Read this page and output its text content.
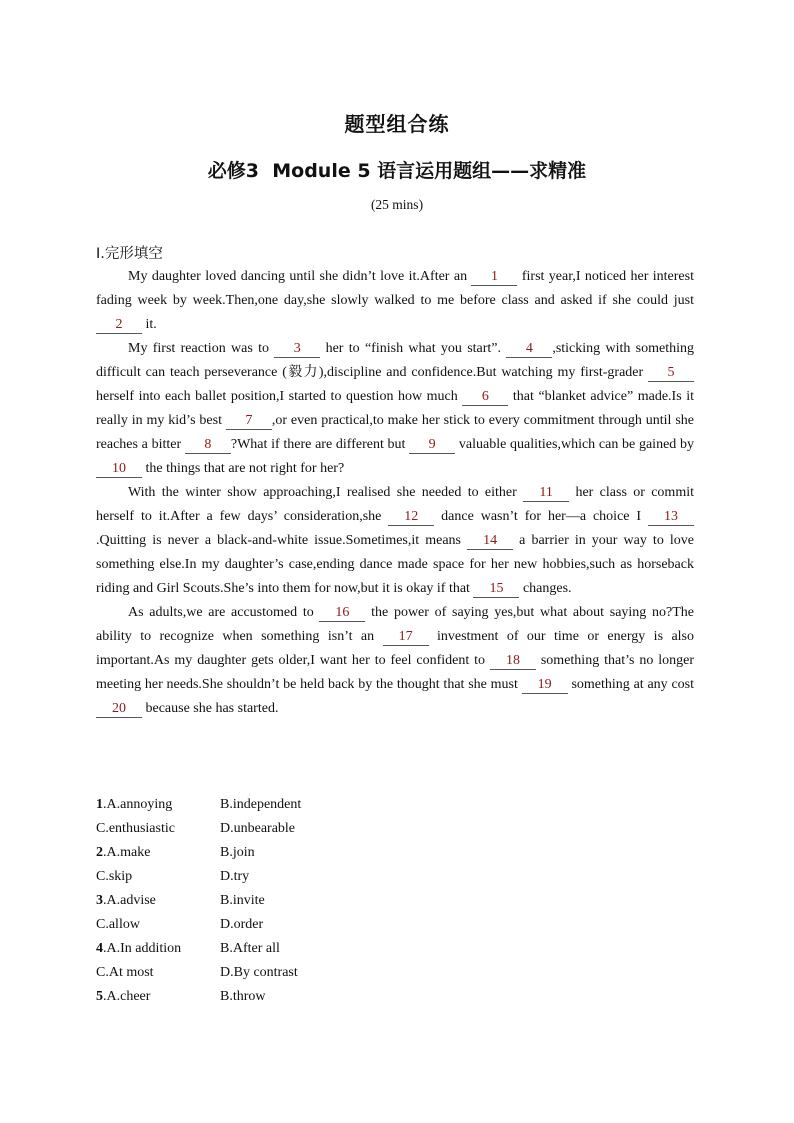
题型组合练
必修3  Module 5 语言运用题组——求精准
(25 mins)
Ⅰ.完形填空

My daughter loved dancing until she didn’t love it.After an 1 first year,I noticed her interest fading week by week.Then,one day,she slowly walked to me before class and asked if she could just 2 it.

My first reaction was to 3 her to “finish what you start”. 4 ,sticking with something difficult can teach perseverance (毅力),discipline and confidence.But watching my first-grader 5 herself into each ballet position,I started to question how much 6 that “blanket advice” made.Is it really in my kid’s best 7 ,or even practical,to make her stick to every commitment through until she reaches a bitter 8 ?What if there are different but 9 valuable qualities,which can be gained by 10 the things that are not right for her?

With the winter show approaching,I realised she needed to either 11 her class or commit herself to it.After a few days’ consideration,she 12 dance wasn’t for her—a choice I 13.Quitting is never a black-and-white issue.Sometimes,it means 14 a barrier in your way to love something else.In my daughter’s case,ending dance made space for her new hobbies,such as horseback riding and Girl Scouts.She’s into them for now,but it is okay if that 15 changes.

As adults,we are accustomed to 16 the power of saying yes,but what about saying no?The ability to recognize when something isn’t an 17 investment of our time or energy is also important.As my daughter gets older,I want her to feel confident to 18 something that’s no longer meeting her needs.She shouldn’t be held back by the thought that she must 19 something at any cost 20 because she has started.

1.A.annoying	B.independent
C.enthusiastic	D.unbearable
2.A.make	B.join
C.skip	D.try
3.A.advise	B.invite
C.allow	D.order
4.A.In addition	B.After all
C.At most	D.By contrast
5.A.cheer	B.throw
